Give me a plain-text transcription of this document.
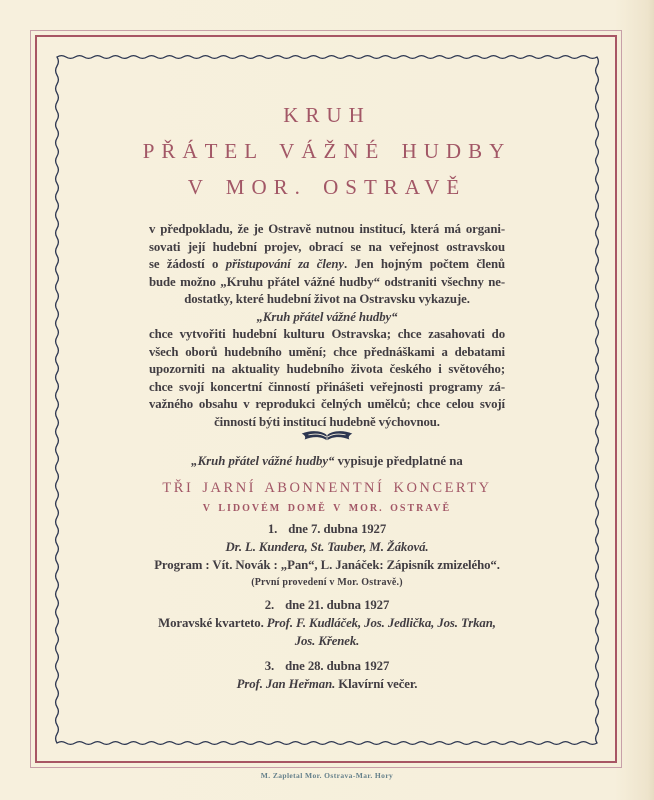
KRUH
PŘÁTEL VÁŽNÉ HUDBY
V MOR. OSTRAVĚ
v předpokladu, že je Ostravě nutnou institucí, která má organi-
sovati její hudební projev, obrací se na veřejnost ostravskou
se žádostí o přistupování za členy. Jen hojným počtem členů
bude možno „Kruhu přátel vážné hudby“ odstraniti všechny ne-
dostatky, které hudební život na Ostravsku vykazuje.
„Kruh přátel vážné hudby“
chce vytvořiti hudební kulturu Ostravska; chce zasahovati do
všech oborů hudebního umění; chce přednáškami a debatami
upozorniti na aktuality hudebního života českého i světového;
chce svojí koncertní činností přinášeti veřejnosti programy zá-
važného obsahu v reprodukci čelných umělců; chce celou svojí
činností býti institucí hudebně výchovnou.
„Kruh přátel vážné hudby“ vypisuje předplatné na
TŘI JARNÍ ABONNENTNÍ KONCERTY
V LIDOVÉM DOMĚ V MOR. OSTRAVĚ
1. dne 7. dubna 1927
Dr. L. Kundera, St. Tauber, M. Žáková.
Program : Vít. Novák : „Pan“, L. Janáček: Zápisník zmizelého“.
(První provedení v Mor. Ostravě.)
2. dne 21. dubna 1927
Moravské kvarteto. Prof. F. Kudláček, Jos. Jedlička, Jos. Trkan,
Jos. Křenek.
3. dne 28. dubna 1927
Prof. Jan Heřman. Klavírní večer.
M. Zapletal Mor. Ostrava-Mar. Hory
